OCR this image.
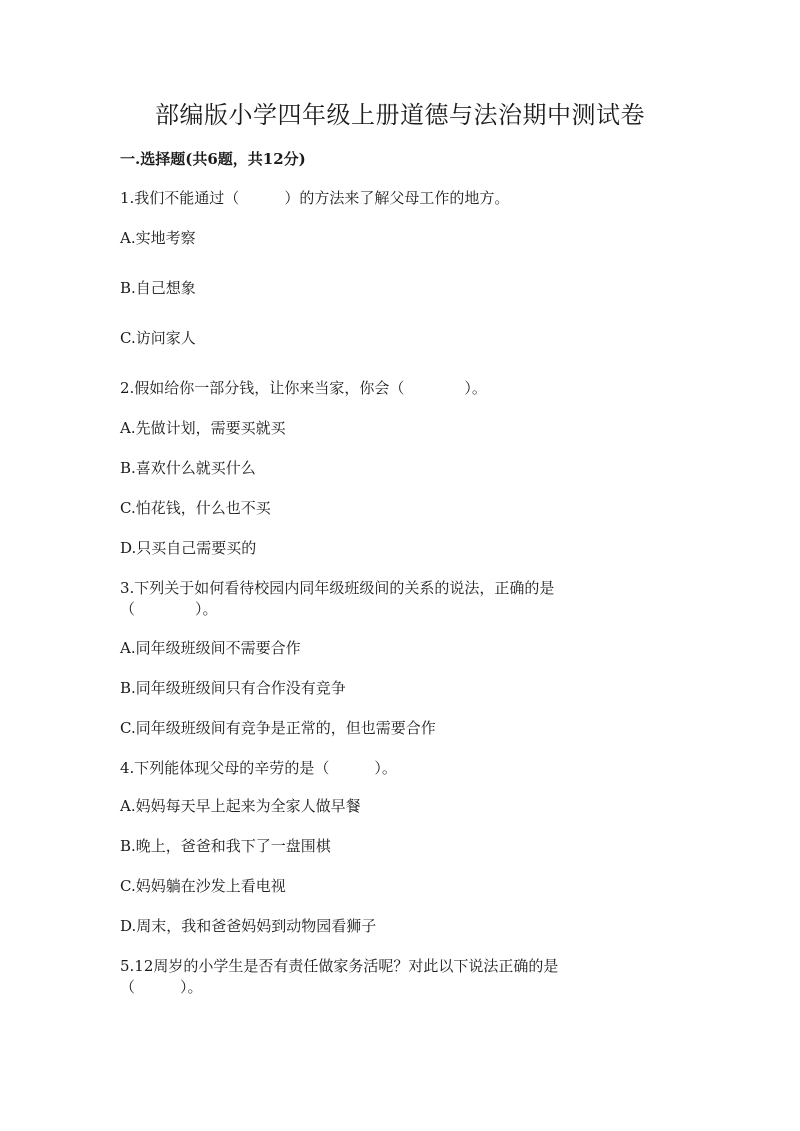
部编版小学四年级上册道德与法治期中测试卷
一.选择题(共6题，共12分)
1.我们不能通过（　　　）的方法来了解父母工作的地方。
A.实地考察
B.自己想象
C.访问家人
2.假如给你一部分钱，让你来当家，你会（　　　　）。
A.先做计划，需要买就买
B.喜欢什么就买什么
C.怕花钱，什么也不买
D.只买自己需要买的
3.下列关于如何看待校园内同年级班级间的关系的说法，正确的是
（　　　　）。
A.同年级班级间不需要合作
B.同年级班级间只有合作没有竞争
C.同年级班级间有竞争是正常的，但也需要合作
4.下列能体现父母的辛劳的是（　　　）。
A.妈妈每天早上起来为全家人做早餐
B.晚上，爸爸和我下了一盘围棋
C.妈妈躺在沙发上看电视
D.周末，我和爸爸妈妈到动物园看狮子
5.12周岁的小学生是否有责任做家务活呢？对此以下说法正确的是
（　　　）。
